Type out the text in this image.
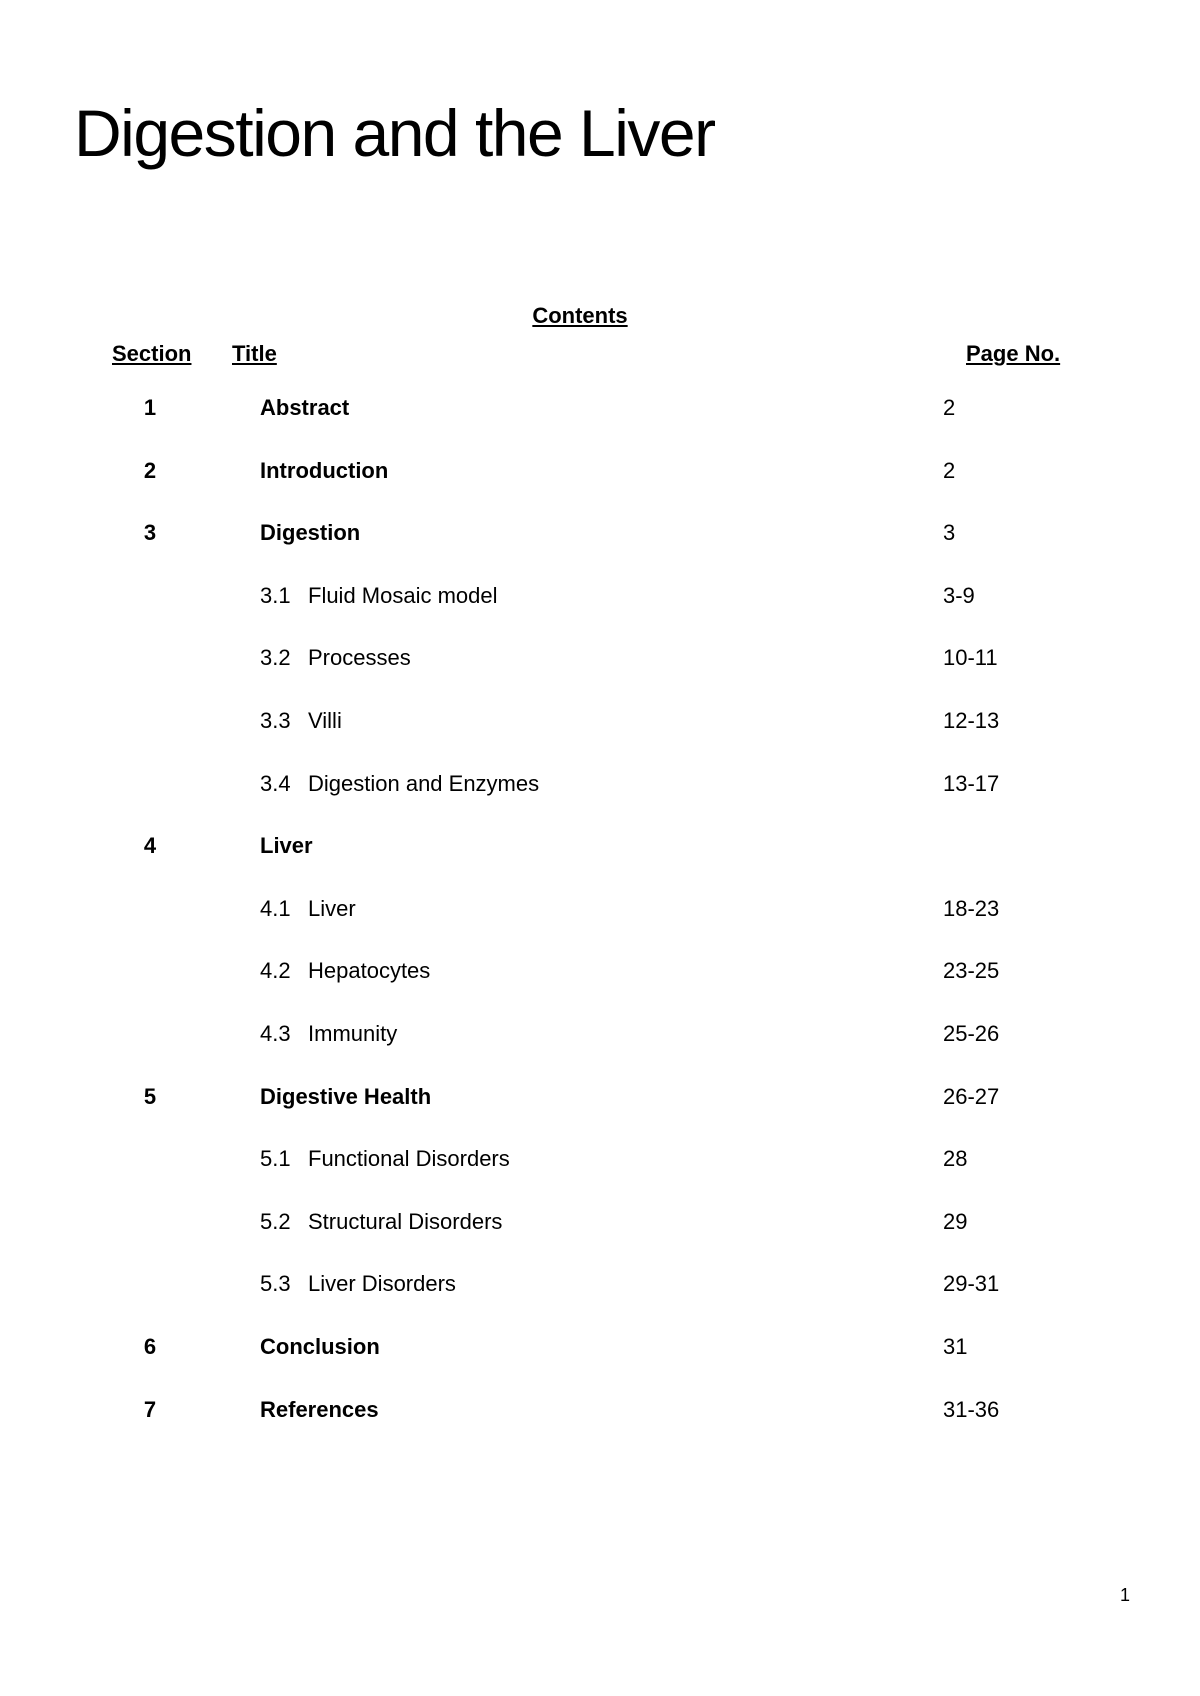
Digestion and the Liver
Contents
Section Title	Page No.
1	Abstract	2
2	Introduction	2
3	Digestion	3
3.1 Fluid Mosaic model	3-9
3.2 Processes	10-11
3.3 Villi	12-13
3.4 Digestion and Enzymes	13-17
4	Liver
4.1 Liver	18-23
4.2 Hepatocytes	23-25
4.3 Immunity	25-26
5	Digestive Health	26-27
5.1 Functional Disorders	28
5.2 Structural Disorders	29
5.3 Liver Disorders	29-31
6	Conclusion	31
7	References	31-36
1
